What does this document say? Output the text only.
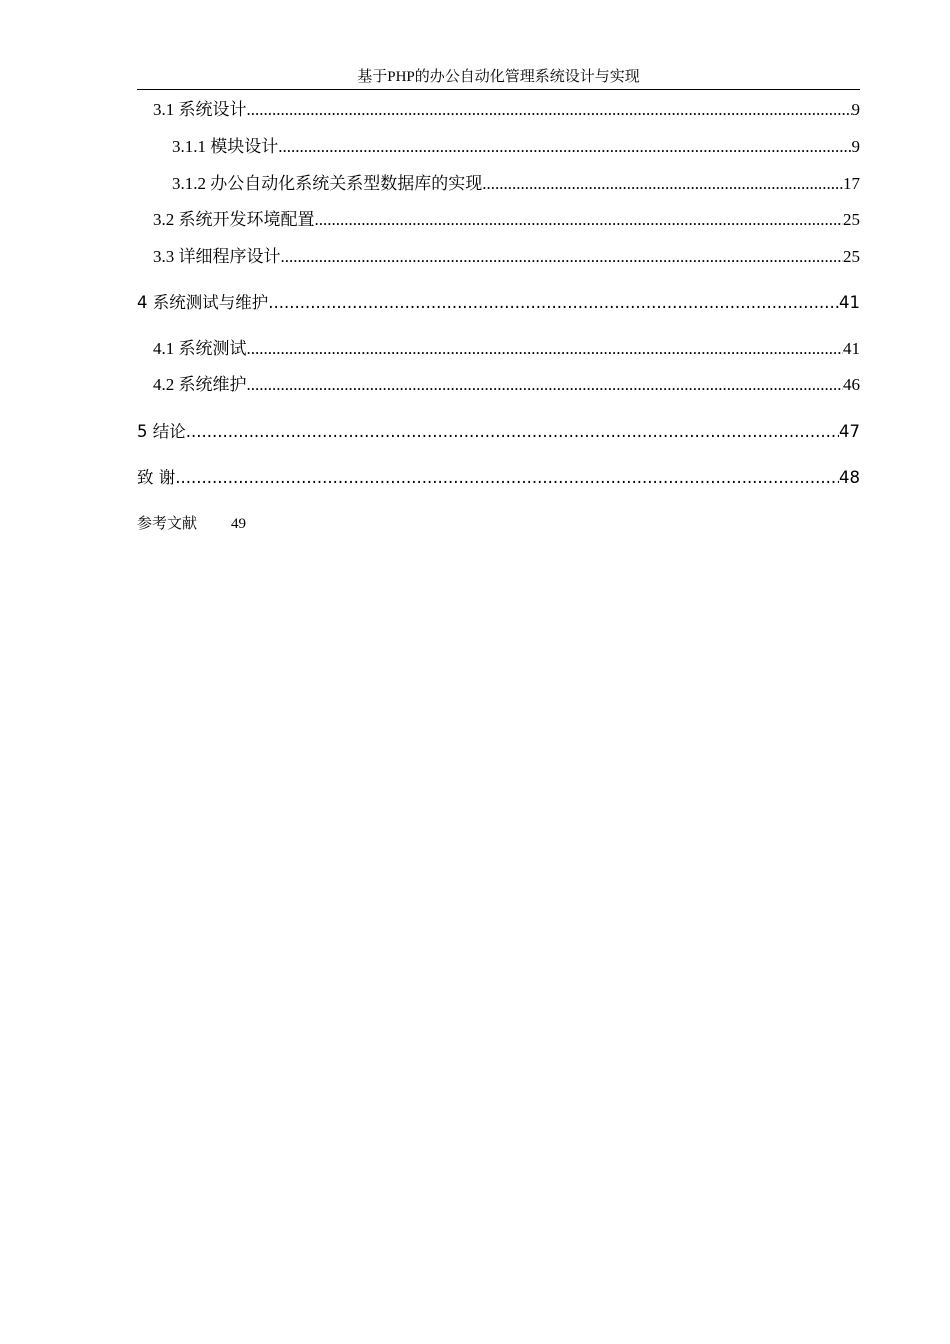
基于PHP的办公自动化管理系统设计与实现
3.1 系统设计 .....	9
3.1.1 模块设计 .....	9
3.1.2 办公自动化系统关系型数据库的实现 .....	17
3.2 系统开发环境配置 .....	25
3.3 详细程序设计 .....	25
4 系统测试与维护 .....	41
4.1 系统测试 .....	41
4.2 系统维护 .....	46
5 结论 .....	47
致 谢 .....	48
参考文献 49
